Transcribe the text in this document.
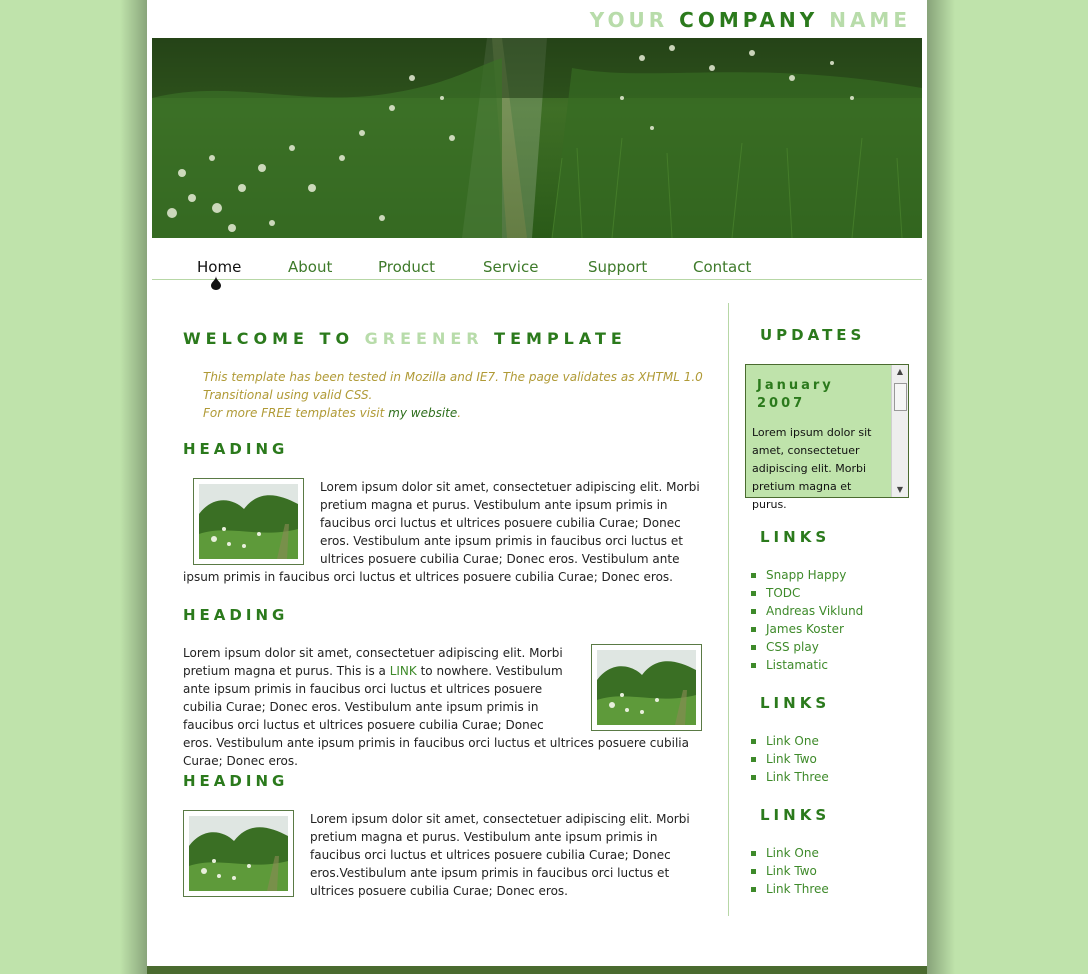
YOUR COMPANY NAME
Home	About	Product	Service	Support	Contact
WELCOME TO GREENER TEMPLATE
This template has been tested in Mozilla and IE7. The page validates as XHTML 1.0 Transitional using valid CSS.
For more FREE templates visit my website.
HEADING
Lorem ipsum dolor sit amet, consectetuer adipiscing elit. Morbi pretium magna et purus. Vestibulum ante ipsum primis in faucibus orci luctus et ultrices posuere cubilia Curae; Donec eros. Vestibulum ante ipsum primis in faucibus orci luctus et ultrices posuere cubilia Curae; Donec eros. Vestibulum ante ipsum primis in faucibus orci luctus et ultrices posuere cubilia Curae; Donec eros.
HEADING
Lorem ipsum dolor sit amet, consectetuer adipiscing elit. Morbi pretium magna et purus. This is a LINK to nowhere. Vestibulum ante ipsum primis in faucibus orci luctus et ultrices posuere cubilia Curae; Donec eros. Vestibulum ante ipsum primis in faucibus orci luctus et ultrices posuere cubilia Curae; Donec eros. Vestibulum ante ipsum primis in faucibus orci luctus et ultrices posuere cubilia Curae; Donec eros.
HEADING
Lorem ipsum dolor sit amet, consectetuer adipiscing elit. Morbi pretium magna et purus. Vestibulum ante ipsum primis in faucibus orci luctus et ultrices posuere cubilia Curae; Donec eros.Vestibulum ante ipsum primis in faucibus orci luctus et ultrices posuere cubilia Curae; Donec eros.
UPDATES
January 2007
Lorem ipsum dolor sit amet, consectetuer adipiscing elit. Morbi pretium magna et purus.
▲
▼
LINKS
Snapp Happy
TODC
Andreas Viklund
James Koster
CSS play
Listamatic
LINKS
Link One
Link Two
Link Three
LINKS
Link One
Link Two
Link Three
